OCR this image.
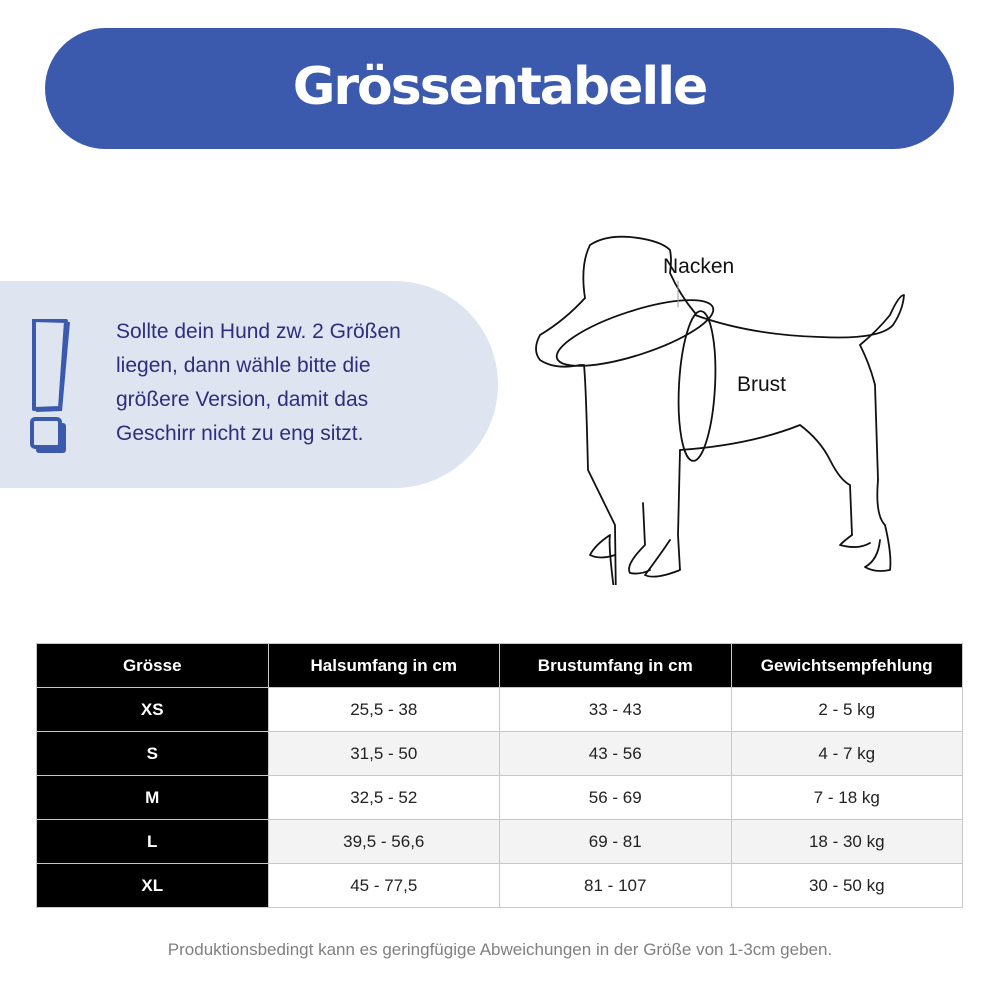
Grössentabelle
Sollte dein Hund zw. 2 Größen
liegen, dann wähle bitte die
größere Version, damit das
Geschirr nicht zu eng sitzt.
Nacken
Brust
Grösse	Halsumfang in cm	Brustumfang in cm	Gewichtsempfehlung
XS	25,5 - 38	33 - 43	2 - 5 kg
S	31,5 - 50	43 - 56	4 - 7 kg
M	32,5 - 52	56 - 69	7 - 18 kg
L	39,5 - 56,6	69 - 81	18 - 30 kg
XL	45 - 77,5	81 - 107	30 - 50 kg
Produktionsbedingt kann es geringfügige Abweichungen in der Größe von 1-3cm geben.
